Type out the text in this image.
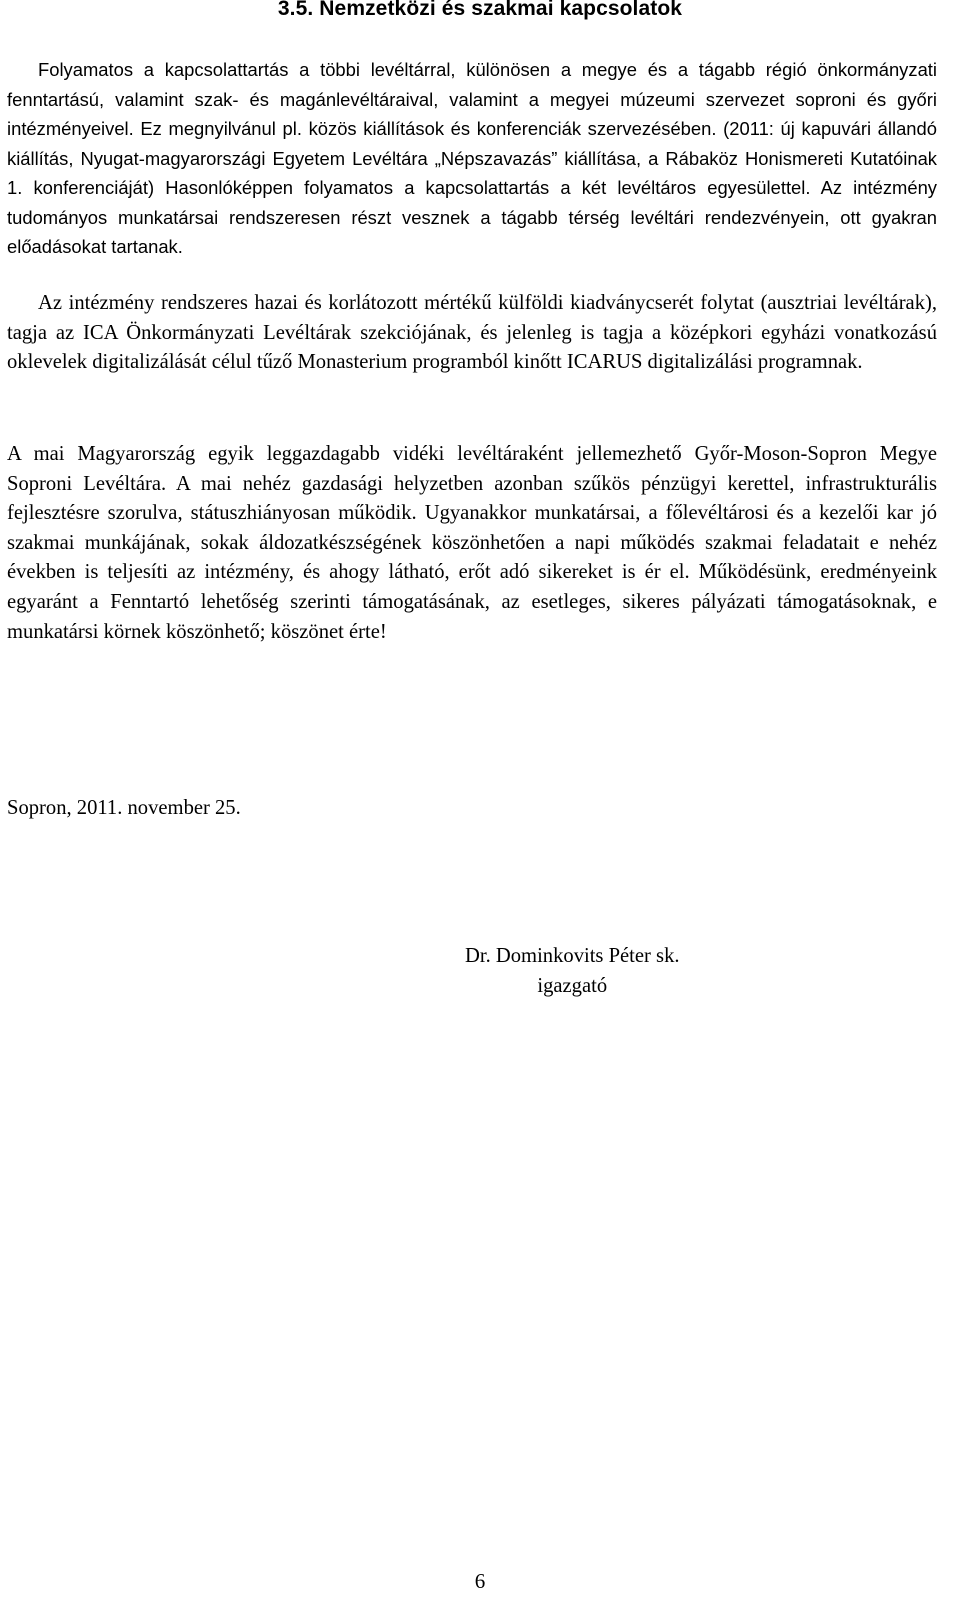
3.5. Nemzetközi és szakmai kapcsolatok

Folyamatos a kapcsolattartás a többi levéltárral, különösen a megye és a tágabb régió önkormányzati fenntartású, valamint szak- és magánlevéltáraival, valamint a megyei múzeumi szervezet soproni és győri intézményeivel. Ez megnyilvánul pl. közös kiállítások és konferenciák szervezésében. (2011: új kapuvári állandó kiállítás, Nyugat-magyarországi Egyetem Levéltára „Népszavazás” kiállítása, a Rábaköz Honismereti Kutatóinak 1. konferenciáját) Hasonlóképpen folyamatos a kapcsolattartás a két levéltáros egyesülettel. Az intézmény tudományos munkatársai rendszeresen részt vesznek a tágabb térség levéltári rendezvényein, ott gyakran előadásokat tartanak.

Az intézmény rendszeres hazai és korlátozott mértékű külföldi kiadványcserét folytat (ausztriai levéltárak), tagja az ICA Önkormányzati Levéltárak szekciójának, és jelenleg is tagja a középkori egyházi vonatkozású oklevelek digitalizálását célul tűző Monasterium programból kinőtt ICARUS digitalizálási programnak.

A mai Magyarország egyik leggazdagabb vidéki levéltáraként jellemezhető Győr-Moson-Sopron Megye Soproni Levéltára. A mai nehéz gazdasági helyzetben azonban szűkös pénzügyi kerettel, infrastrukturális fejlesztésre szorulva, státuszhiányosan működik. Ugyanakkor munkatársai, a főlevéltárosi és a kezelői kar jó szakmai munkájának, sokak áldozatkészségének köszönhetően a napi működés szakmai feladatait e nehéz években is teljesíti az intézmény, és ahogy látható, erőt adó sikereket is ér el. Működésünk, eredményeink egyaránt a Fenntartó lehetőség szerinti támogatásának, az esetleges, sikeres pályázati támogatásoknak, e munkatársi körnek köszönhető; köszönet érte!

Sopron, 2011. november 25.
Dr. Dominkovits Péter sk.
igazgató
6
